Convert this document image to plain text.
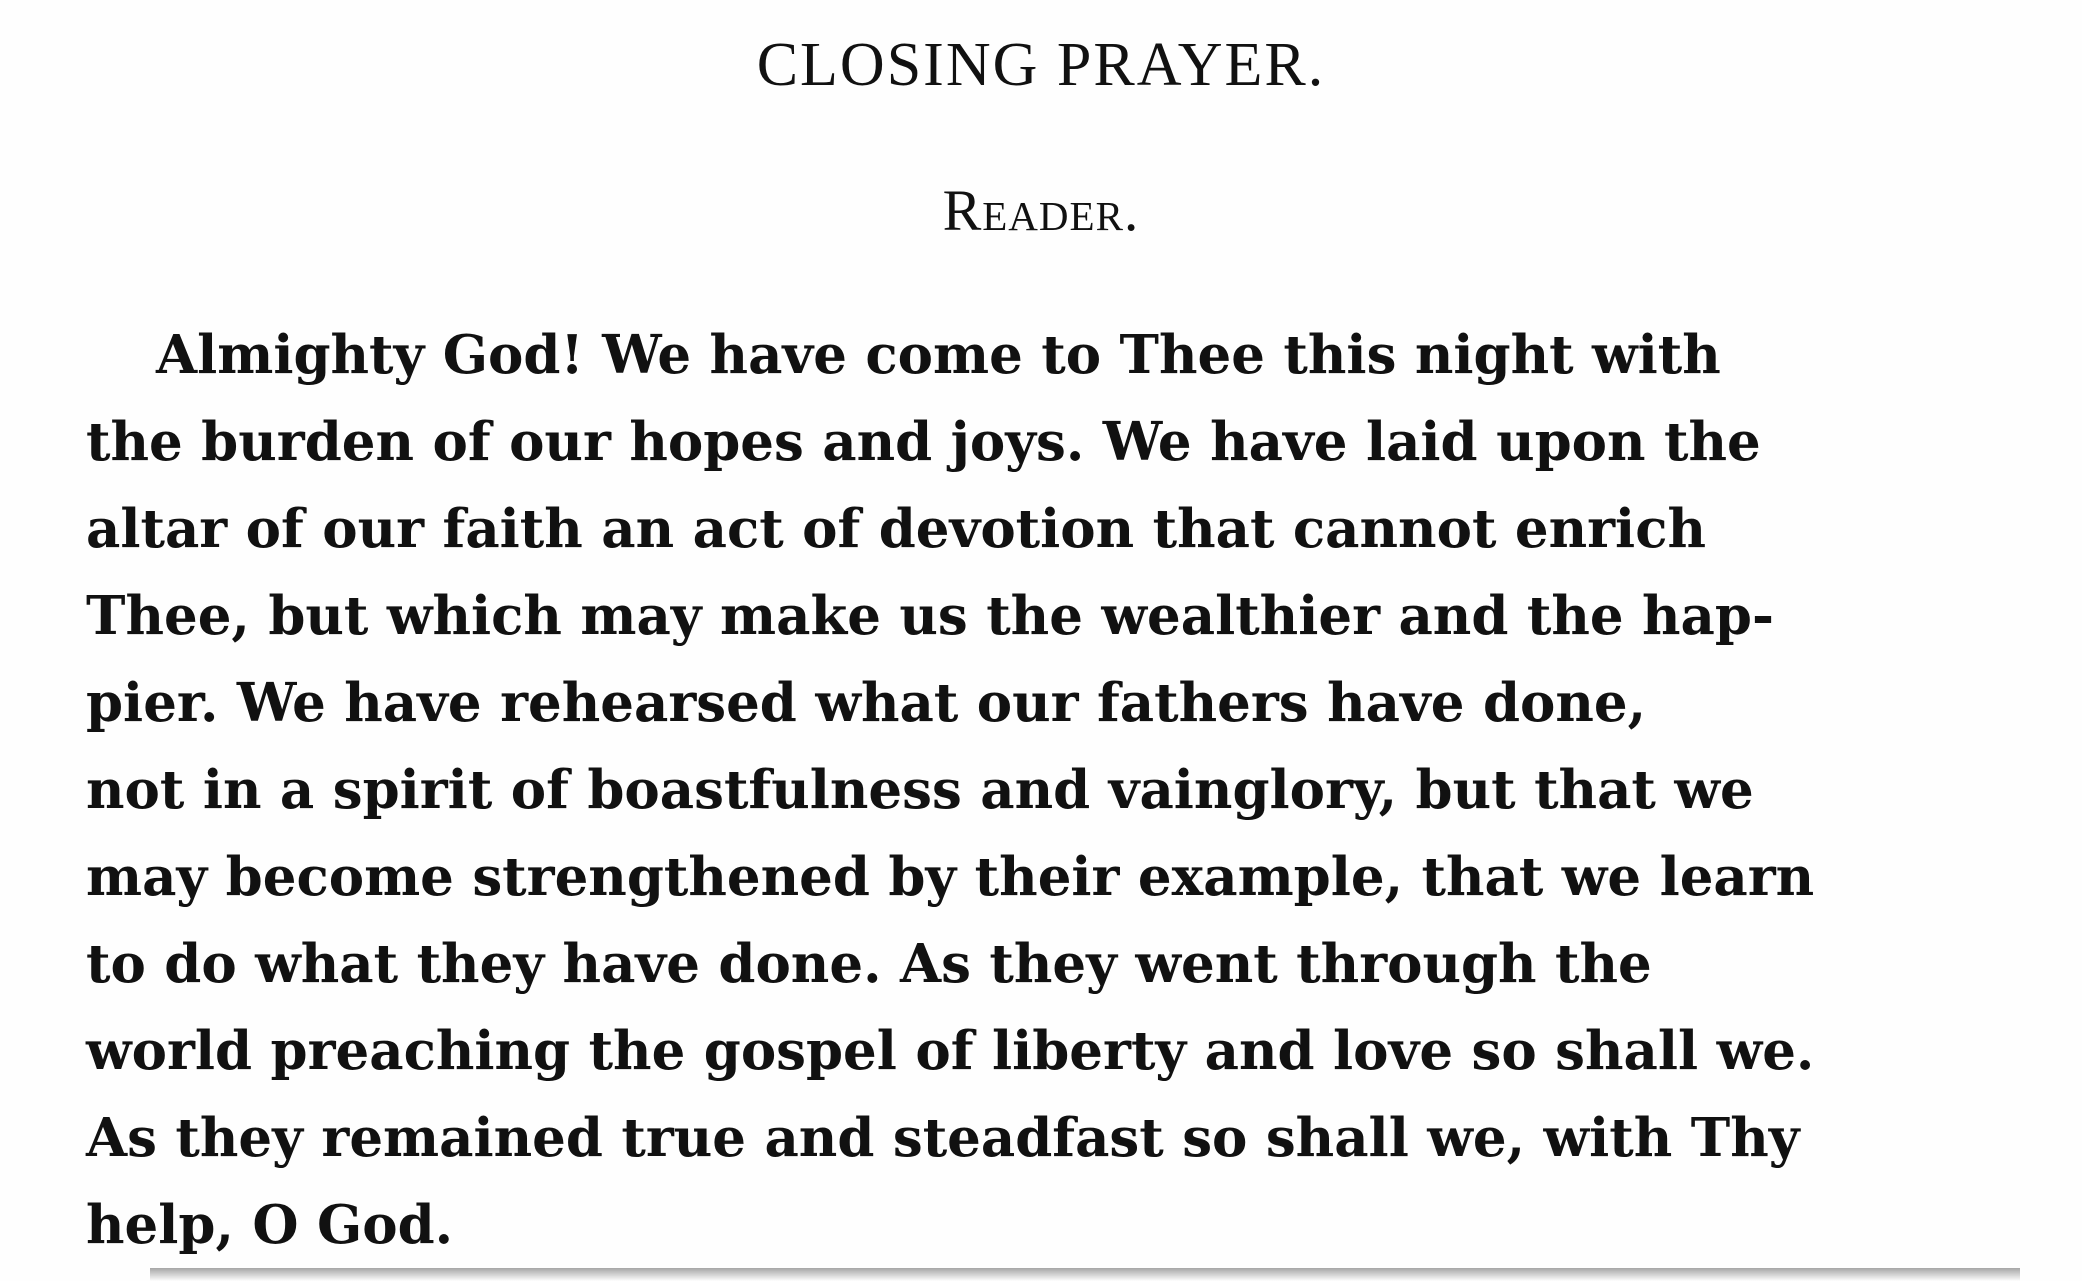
CLOSING PRAYER.
Reader.
Almighty God! We have come to Thee this night with
the burden of our hopes and joys. We have laid upon the
altar of our faith an act of devotion that cannot enrich
Thee, but which may make us the wealthier and the hap-
pier. We have rehearsed what our fathers have done,
not in a spirit of boastfulness and vainglory, but that we
may become strengthened by their example, that we learn
to do what they have done. As they went through the
world preaching the gospel of liberty and love so shall we.
As they remained true and steadfast so shall we, with Thy
help, O God.
